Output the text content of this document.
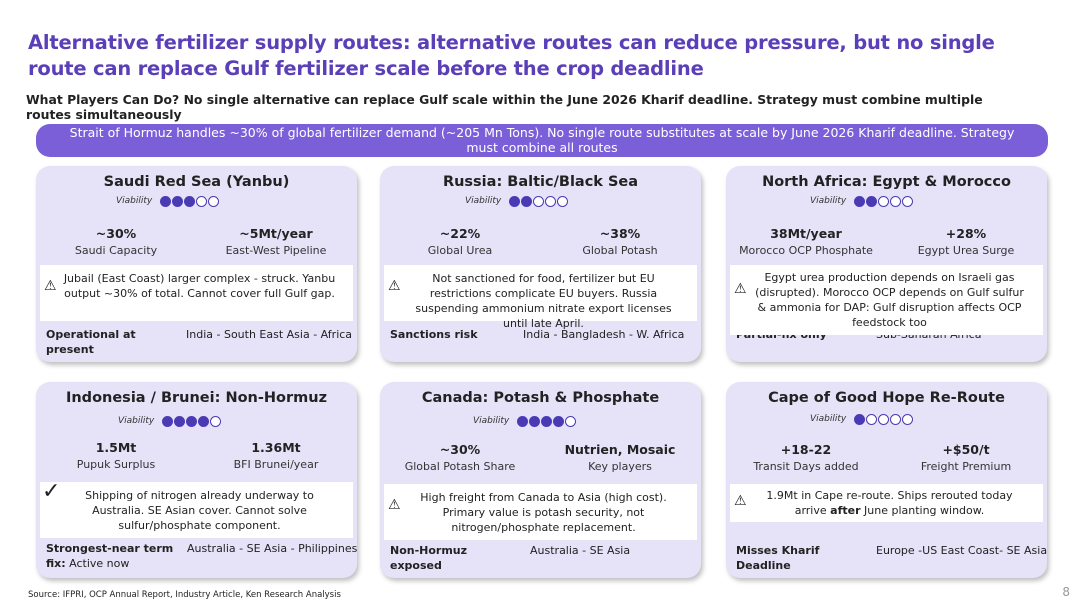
Alternative fertilizer supply routes: alternative routes can reduce pressure, but no single route can replace Gulf fertilizer scale before the crop deadline
What Players Can Do? No single alternative can replace Gulf scale within the June 2026 Kharif deadline. Strategy must combine multiple routes simultaneously
Strait of Hormuz handles ~30% of global fertilizer demand (~205 Mn Tons). No single route substitutes at scale by June 2026 Kharif deadline. Strategy must combine all routes
Saudi Red Sea (Yanbu)
Viability
~30%
Saudi Capacity
~5Mt/year
East-West Pipeline
⚠ Jubail (East Coast) larger complex - struck. Yanbu output ~30% of total. Cannot cover full Gulf gap.
Operational at present
India - South East Asia - Africa
Russia: Baltic/Black Sea
Viability
~22%
Global Urea
~38%
Global Potash
⚠	Not sanctioned for food, fertilizer but EU restrictions complicate EU buyers. Russia suspending ammonium nitrate export licenses until late April.
Sanctions risk	India - Bangladesh - W. Africa
North Africa: Egypt & Morocco
Viability
38Mt/year
Morocco OCP Phosphate
+28%
Egypt Urea Surge
⚠
Egypt urea production depends on Israeli gas (disrupted). Morocco OCP depends on Gulf sulfur & ammonia for DAP: Gulf disruption affects OCP feedstock too
Indonesia / Brunei: Non-Hormuz
Viability
1.5Mt
Pupuk Surplus
1.36Mt
BFI Brunei/year
✓ Shipping of nitrogen already underway to Australia. SE Asian cover. Cannot solve sulfur/phosphate component.
Strongest-near term fix: Active now
Australia - SE Asia - Philippines
Canada: Potash & Phosphate
Viability
~30%
Global Potash Share
Nutrien, Mosaic
Key players
⚠ High freight from Canada to Asia (high cost). Primary value is potash security, not nitrogen/phosphate replacement.
Non-Hormuz exposed
Australia - SE Asia
Cape of Good Hope Re-Route
Viability
+18-22
Transit Days added
+$50/t
Freight Premium
⚠ 1.9Mt in Cape re-route. Ships rerouted today arrive after June planting window.
Misses Kharif Deadline
Europe -US East Coast- SE Asia
Source: IFPRI, OCP Annual Report, Industry Article, Ken Research Analysis	8
